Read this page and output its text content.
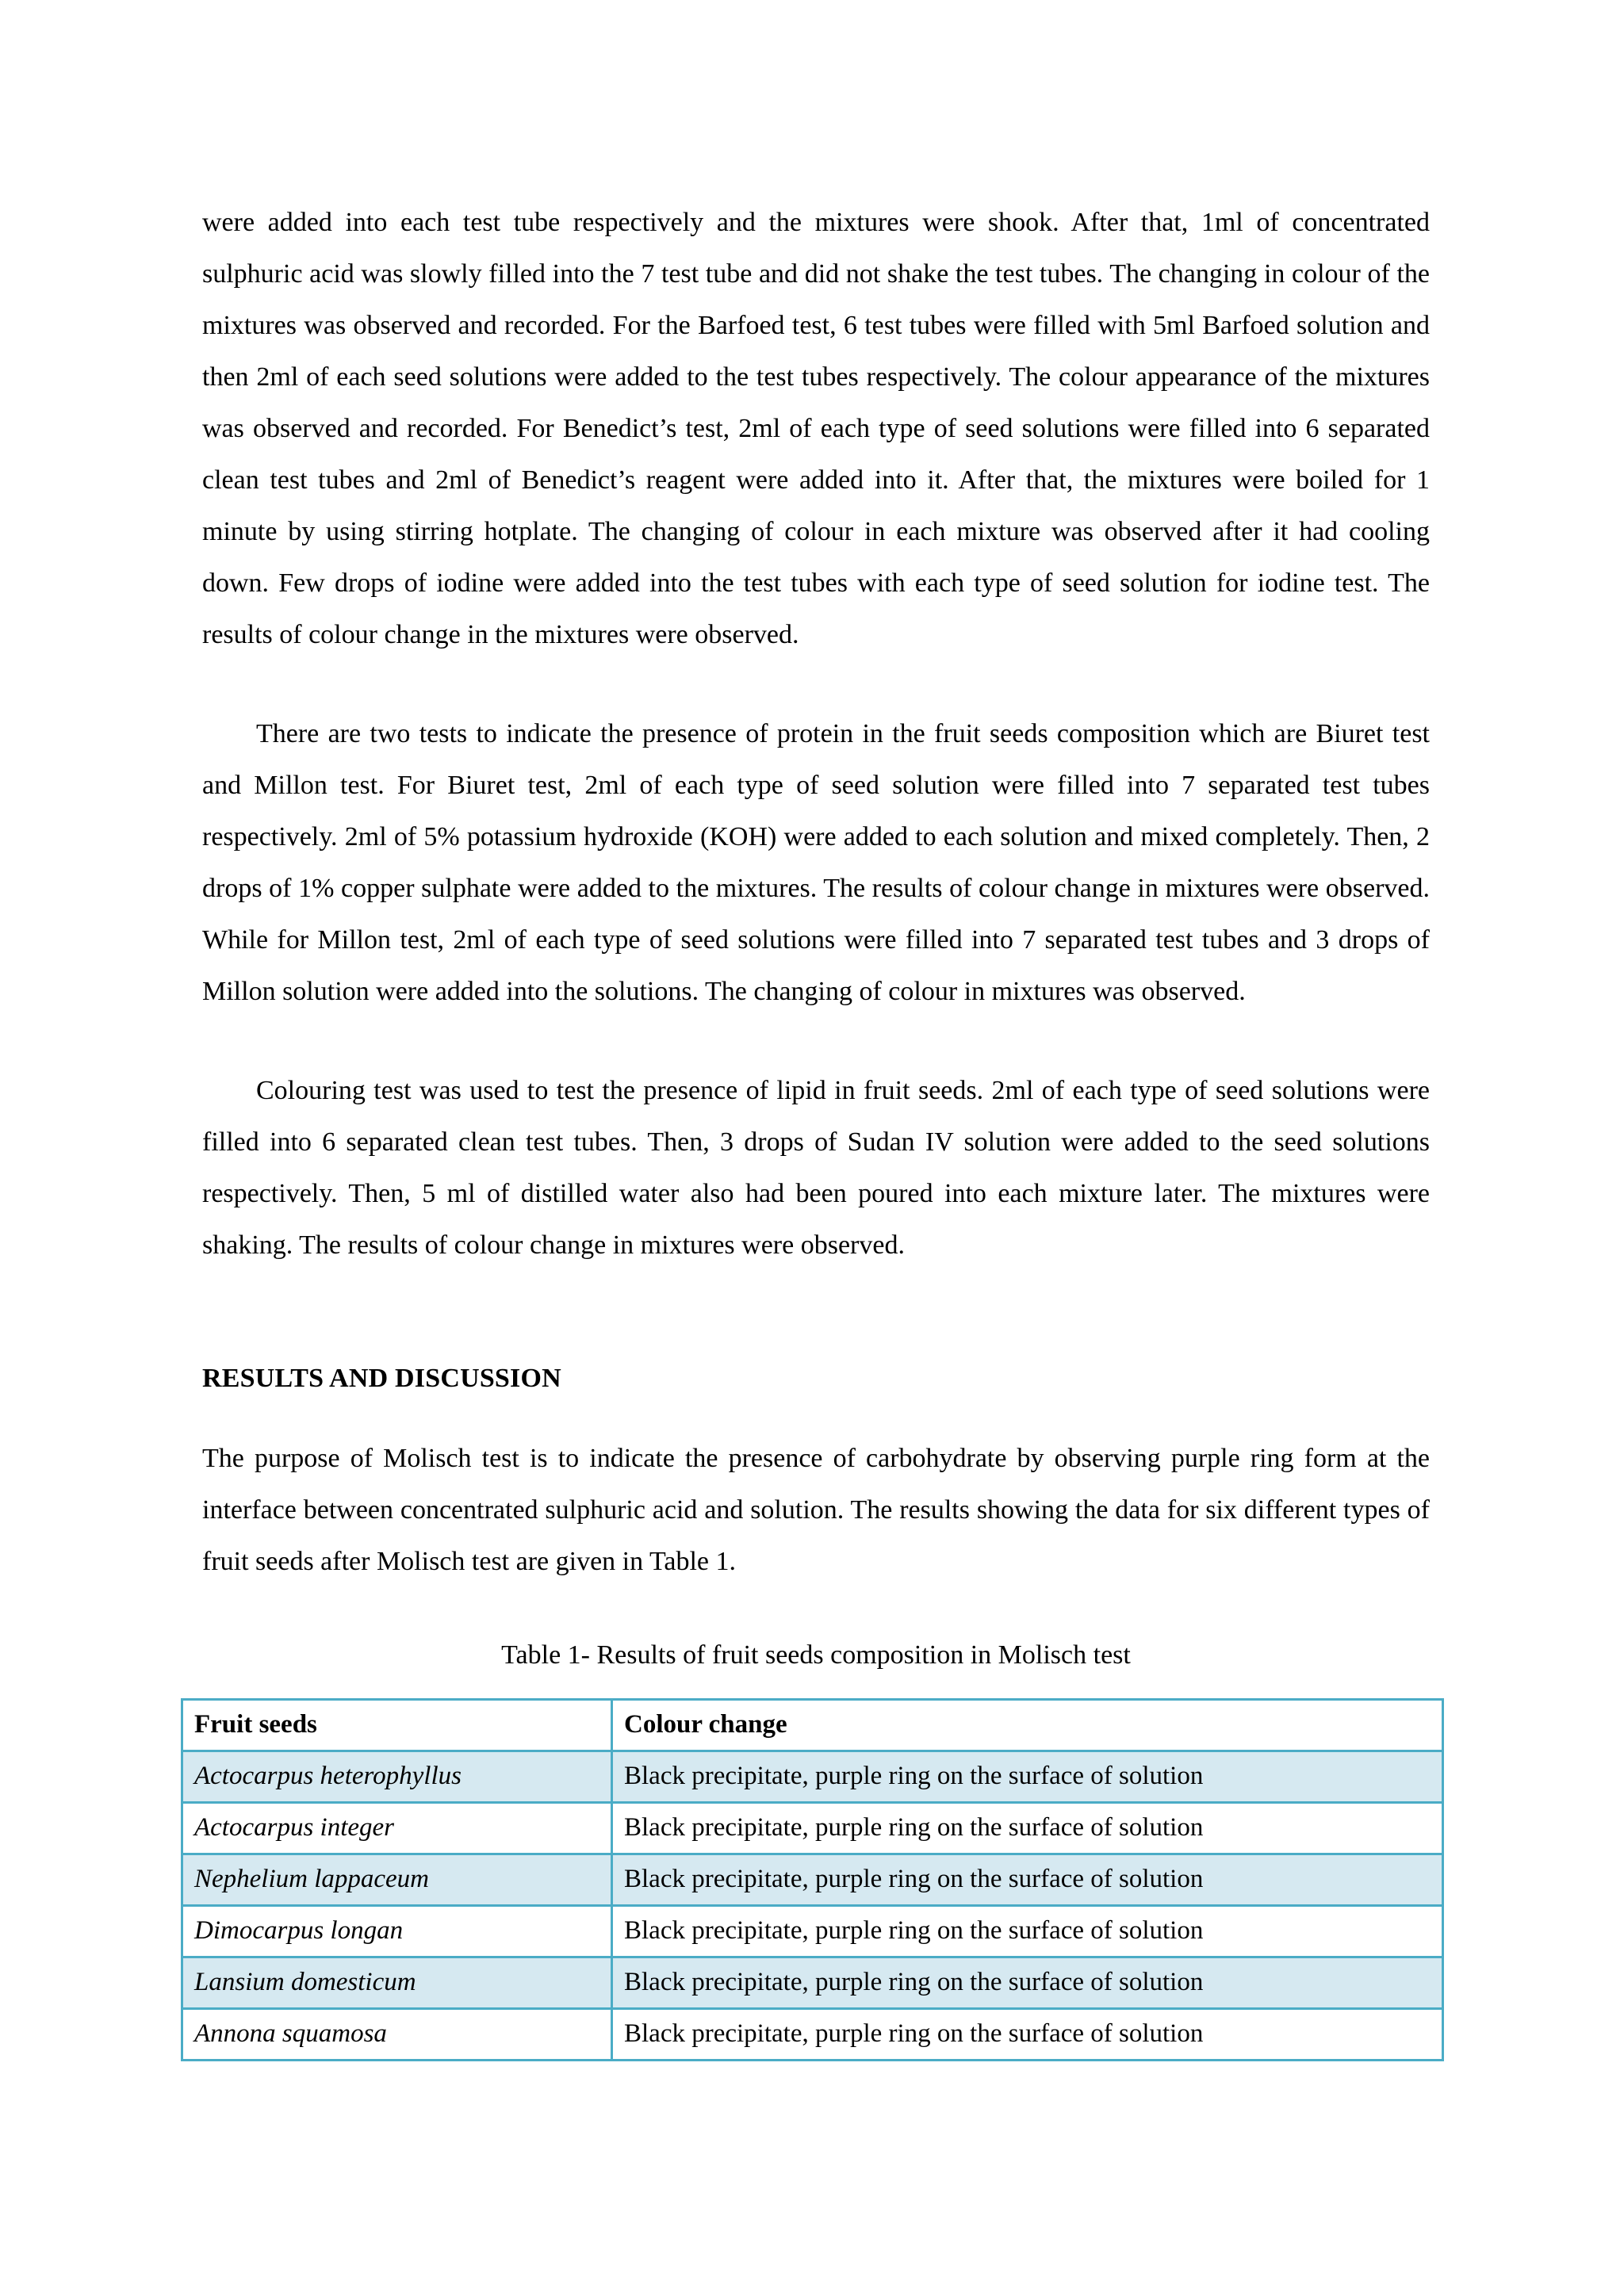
were added into each test tube respectively and the mixtures were shook. After that, 1ml of concentrated sulphuric acid was slowly filled into the 7 test tube and did not shake the test tubes. The changing in colour of the mixtures was observed and recorded. For the Barfoed test, 6 test tubes were filled with 5ml Barfoed solution and then 2ml of each seed solutions were added to the test tubes respectively. The colour appearance of the mixtures was observed and recorded. For Benedict’s test, 2ml of each type of seed solutions were filled into 6 separated clean test tubes and 2ml of Benedict’s reagent were added into it. After that, the mixtures were boiled for 1 minute by using stirring hotplate. The changing of colour in each mixture was observed after it had cooling down. Few drops of iodine were added into the test tubes with each type of seed solution for iodine test. The results of colour change in the mixtures were observed.

There are two tests to indicate the presence of protein in the fruit seeds composition which are Biuret test and Millon test. For Biuret test, 2ml of each type of seed solution were filled into 7 separated test tubes respectively. 2ml of 5% potassium hydroxide (KOH) were added to each solution and mixed completely. Then, 2 drops of 1% copper sulphate were added to the mixtures. The results of colour change in mixtures were observed. While for Millon test, 2ml of each type of seed solutions were filled into 7 separated test tubes and 3 drops of Millon solution were added into the solutions. The changing of colour in mixtures was observed.

Colouring test was used to test the presence of lipid in fruit seeds. 2ml of each type of seed solutions were filled into 6 separated clean test tubes. Then, 3 drops of Sudan IV solution were added to the seed solutions respectively. Then, 5 ml of distilled water also had been poured into each mixture later. The mixtures were shaking. The results of colour change in mixtures were observed.

RESULTS AND DISCUSSION

The purpose of Molisch test is to indicate the presence of carbohydrate by observing purple ring form at the interface between concentrated sulphuric acid and solution. The results showing the data for six different types of fruit seeds after Molisch test are given in Table 1.

Table 1- Results of fruit seeds composition in Molisch test

Fruit seeds	Colour change
Actocarpus heterophyllus	Black precipitate, purple ring on the surface of solution
Actocarpus integer	Black precipitate, purple ring on the surface of solution
Nephelium lappaceum	Black precipitate, purple ring on the surface of solution
Dimocarpus longan	Black precipitate, purple ring on the surface of solution
Lansium domesticum	Black precipitate, purple ring on the surface of solution
Annona squamosa	Black precipitate, purple ring on the surface of solution
